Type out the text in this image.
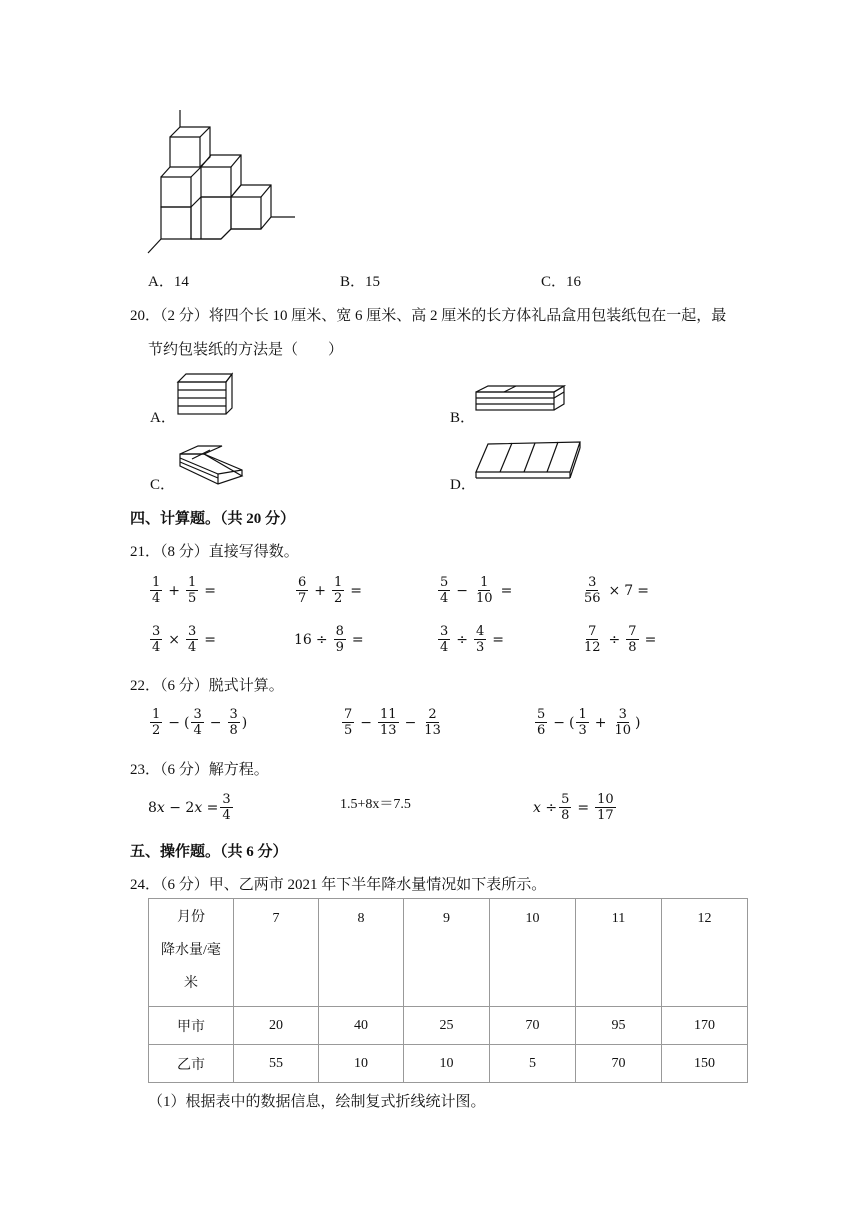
A．14	B．15	C．16
20．（2 分）将四个长 10 厘米、宽 6 厘米、高 2 厘米的长方体礼品盒用包装纸包在一起，最
节约包装纸的方法是（　　）
A．	B．
C．	D．
四、计算题。（共 20 分）
21．（8 分）直接写得数。
$\frac{1}{4} + \frac{1}{5}$ =	$\frac{6}{7} + \frac{1}{2}$ =	$\frac{5}{4} - \frac{1}{10}$ =	$\frac{3}{56} \times 7$ =
$\frac{3}{4} \times \frac{3}{4}$ =	$16 \div \frac{8}{9}$ =	$\frac{3}{4} \div \frac{4}{3}$ =	$\frac{7}{12} \div \frac{7}{8}$ =
22．（6 分）脱式计算。
$\frac{1}{2}$ − ( $\frac{3}{4} - \frac{3}{8}$ )	$\frac{7}{5} - \frac{11}{13} - \frac{2}{13}$	$\frac{5}{6}$ − ( $\frac{1}{3} + \frac{3}{10}$ )
23．（6 分）解方程。
8𝑥 − 2𝑥 = $\frac{3}{4}$	1.5+8x＝7.5	𝑥 ÷ $\frac{5}{8} = \frac{10}{17}$
五、操作题。（共 6 分）
24．（6 分）甲、乙两市 2021 年下半年降水量情况如下表所示。
月份
降水量/毫
米	7	8	9	10	11	12
甲市	20	40	25	70	95	170
乙市	55	10	10	5	70	150
（1）根据表中的数据信息，绘制复式折线统计图。
